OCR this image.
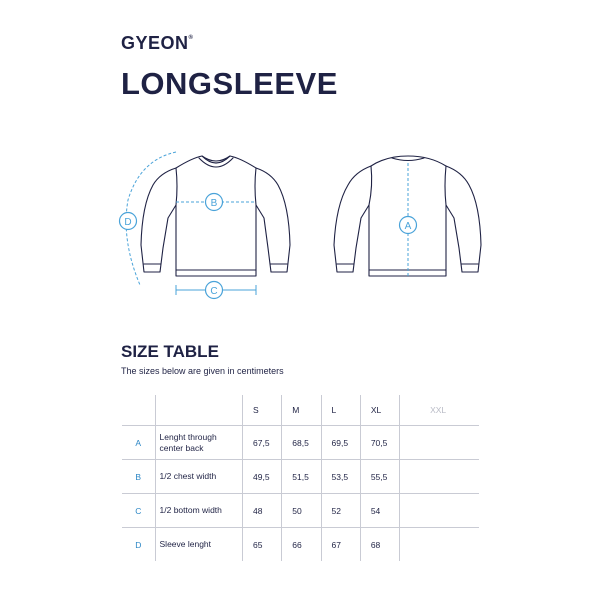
GYEON®
LONGSLEEVE
B
C
D	A
SIZE TABLE
The sizes below are given in centimeters
		S	M	L	XL	XXL
A	Lenght through center back	67,5	68,5	69,5	70,5	
B	1/2 chest width	49,5	51,5	53,5	55,5	
C	1/2 bottom width	48	50	52	54	
D	Sleeve lenght	65	66	67	68	
